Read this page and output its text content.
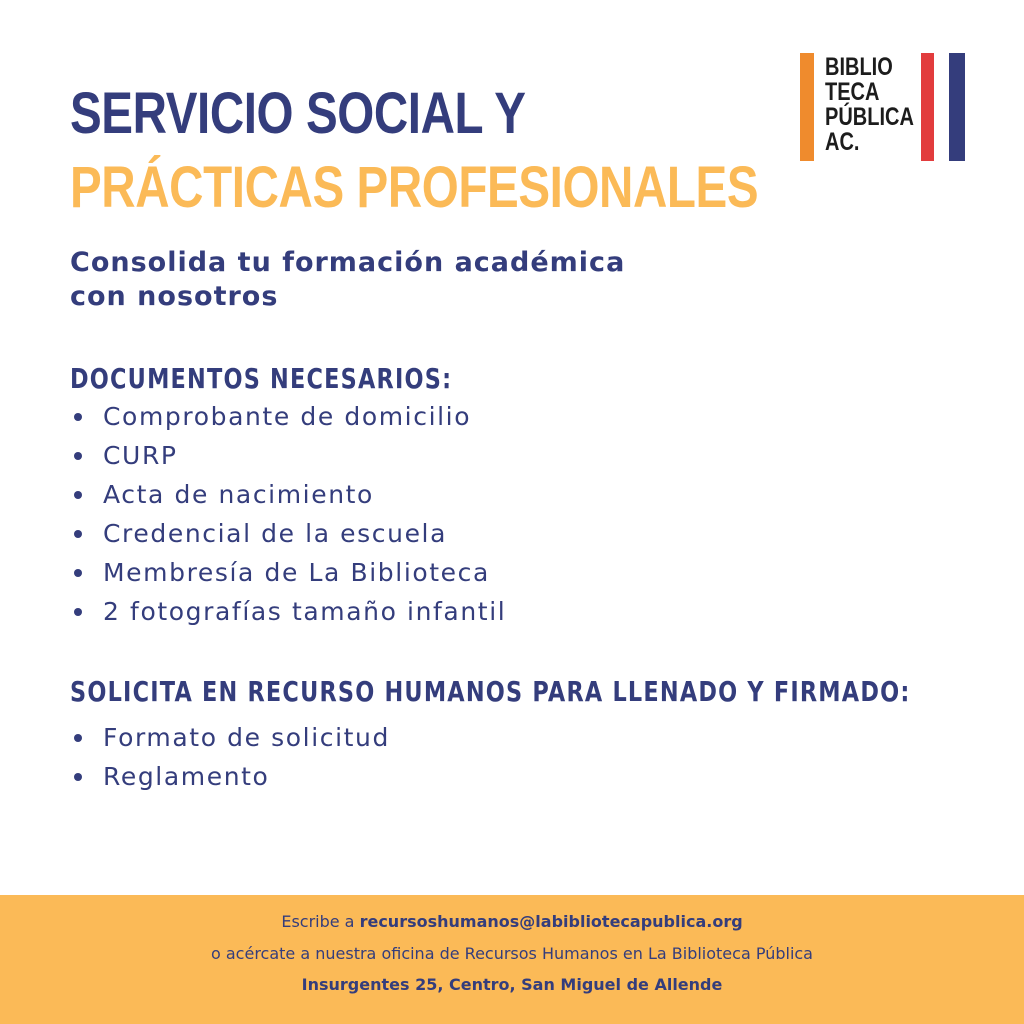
SERVICIO SOCIAL Y
PRÁCTICAS PROFESIONALES

Consolida tu formación académica
con nosotros

BIBLIO
TECA
PÚBLICA
AC.
DOCUMENTOS NECESARIOS:
Comprobante de domicilio
CURP
Acta de nacimiento
Credencial de la escuela
Membresía de La Biblioteca
2 fotografías tamaño infantil
SOLICITA EN RECURSO HUMANOS PARA LLENADO Y FIRMADO:
Formato de solicitud
Reglamento
Escribe a recursoshumanos@labibliotecapublica.org
o acércate a nuestra oficina de Recursos Humanos en La Biblioteca Pública
Insurgentes 25, Centro, San Miguel de Allende
